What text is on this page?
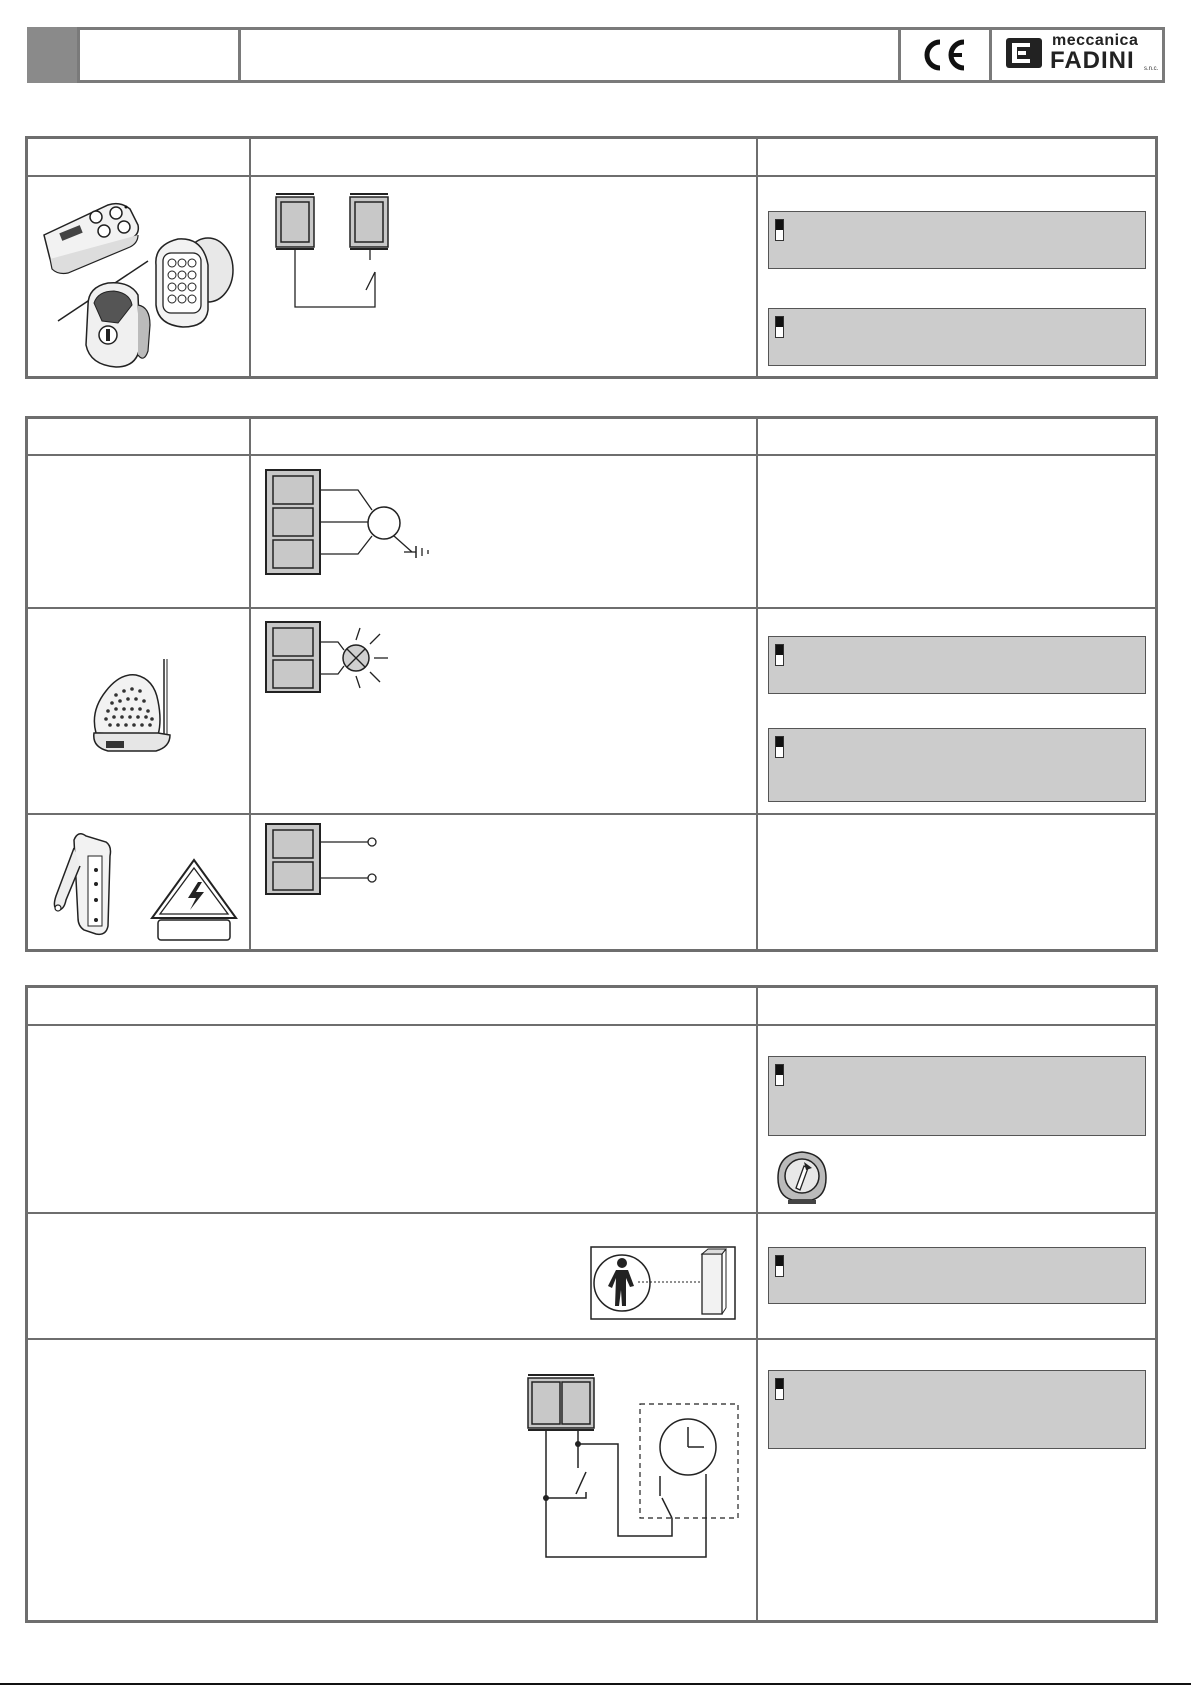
meccanica
FADINI s.n.c.
